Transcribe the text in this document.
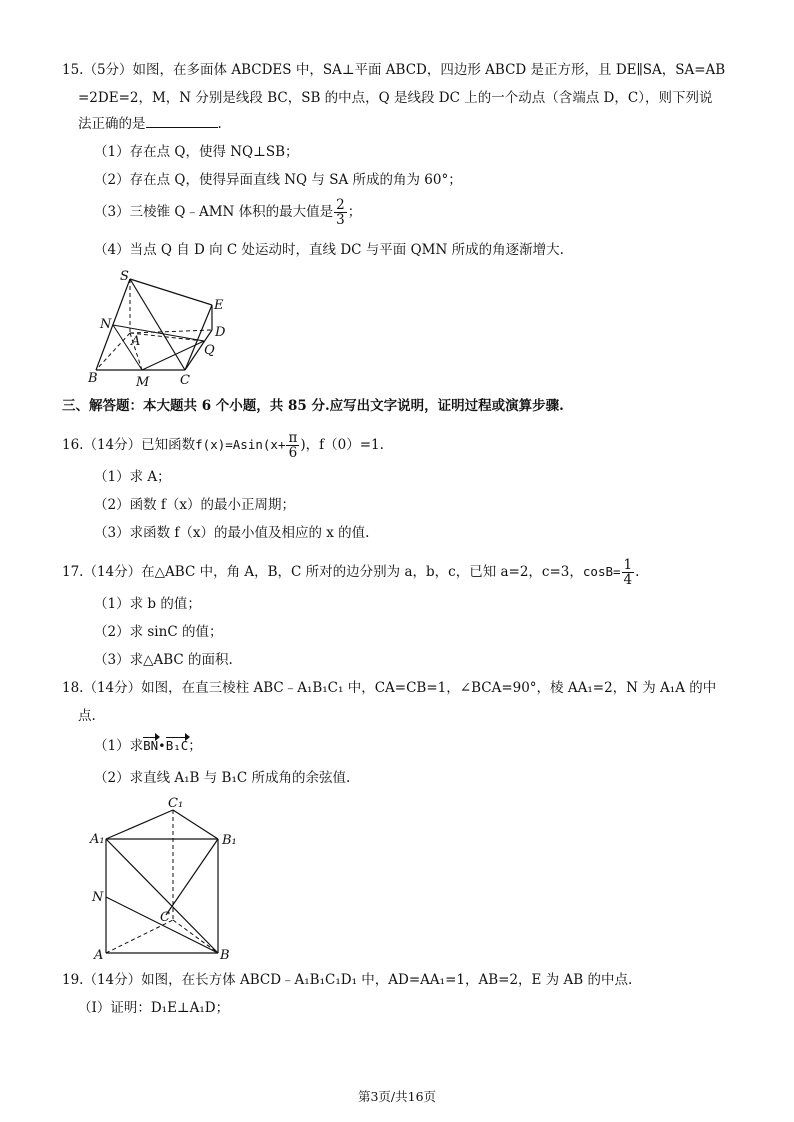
15.（5分）如图，在多面体 ABCDES 中，SA⊥平面 ABCD，四边形 ABCD 是正方形，且 DE∥SA，SA=AB
=2DE=2，M，N 分别是线段 BC，SB 的中点，Q 是线段 DC 上的一个动点（含端点 D，C），则下列说
法正确的是	.
（1）存在点 Q，使得 NQ⊥SB；
（2）存在点 Q，使得异面直线 NQ 与 SA 所成的角为 60°；
（3）三棱锥 Q﹣AMN 体积的最大值是 $\frac{2}{3}$ ；
（4）当点 Q 自 D 向 C 处运动时，直线 DC 与平面 QMN 所成的角逐渐增大.
S
E
N
D
A
Q
B	M C
三、解答题：本大题共 6 个小题，共 85 分.应写出文字说明，证明过程或演算步骤.
16.（14分）已知函数$f(x)=Asin(x+ \frac{\pi}{6}$ )，f（0）=1.
（1）求 A；
（2）函数 f（x）的最小正周期；
（3）求函数 f（x）的最小值及相应的 x 的值.
17.（14分）在△ABC 中，角 A，B，C 所对的边分别为 a，b，c，已知 a=2，c=3，$\cos B= \frac{1}{4}$ .
（1）求 b 的值；
（2）求 sinC 的值；
（3）求△ABC 的面积.
18.（14分）如图，在直三棱柱 ABC﹣A₁B₁C₁ 中，CA=CB=1，∠BCA=90°，棱 AA₁=2，N 为 A₁A 的中
点.
（1）求BN•B₁C；
（2）求直线 A₁B 与 B₁C 所成角的余弦值.
C₁
A₁	B₁
N
C
A	B
19.（14分）如图，在长方体 ABCD﹣A₁B₁C₁D₁ 中，AD=AA₁=1，AB=2，E 为 AB 的中点.
（Ⅰ）证明：D₁E⊥A₁D；
第3页/共16页
